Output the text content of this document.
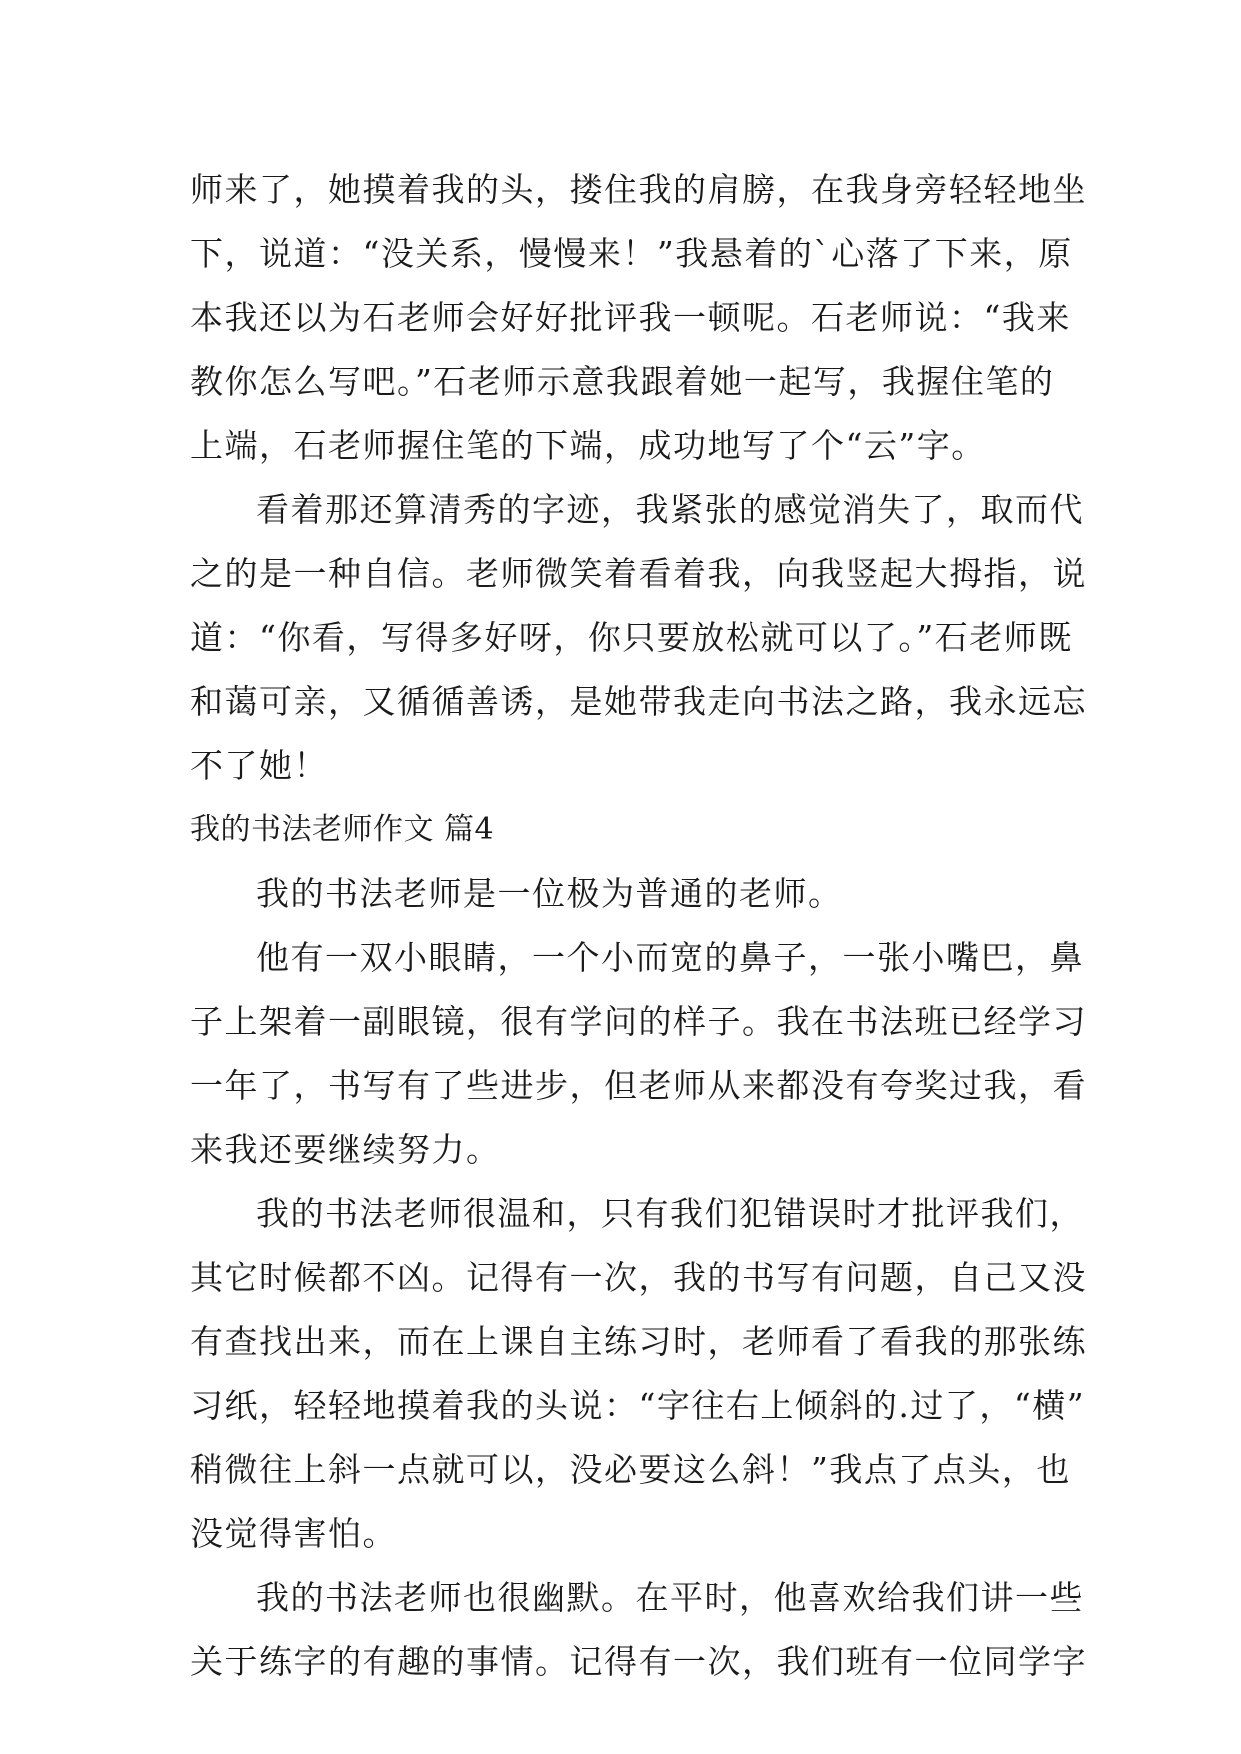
师来了，她摸着我的头，搂住我的肩膀，在我身旁轻轻地坐
下，说道：“没关系，慢慢来！”我悬着的`心落了下来，原
本我还以为石老师会好好批评我一顿呢。石老师说：“我来
教你怎么写吧。”石老师示意我跟着她一起写，我握住笔的
上端，石老师握住笔的下端，成功地写了个“云”字。
看着那还算清秀的字迹，我紧张的感觉消失了，取而代
之的是一种自信。老师微笑着看着我，向我竖起大拇指，说
道：“你看，写得多好呀，你只要放松就可以了。”石老师既
和蔼可亲，又循循善诱，是她带我走向书法之路，我永远忘
不了她！
我的书法老师作文 篇4
我的书法老师是一位极为普通的老师。
他有一双小眼睛，一个小而宽的鼻子，一张小嘴巴，鼻
子上架着一副眼镜，很有学问的样子。我在书法班已经学习
一年了，书写有了些进步，但老师从来都没有夸奖过我，看
来我还要继续努力。
我的书法老师很温和，只有我们犯错误时才批评我们，
其它时候都不凶。记得有一次，我的书写有问题，自己又没
有查找出来，而在上课自主练习时，老师看了看我的那张练
习纸，轻轻地摸着我的头说：“字往右上倾斜的.过了，“横”
稍微往上斜一点就可以，没必要这么斜！”我点了点头，也
没觉得害怕。
我的书法老师也很幽默。在平时，他喜欢给我们讲一些
关于练字的有趣的事情。记得有一次，我们班有一位同学字
